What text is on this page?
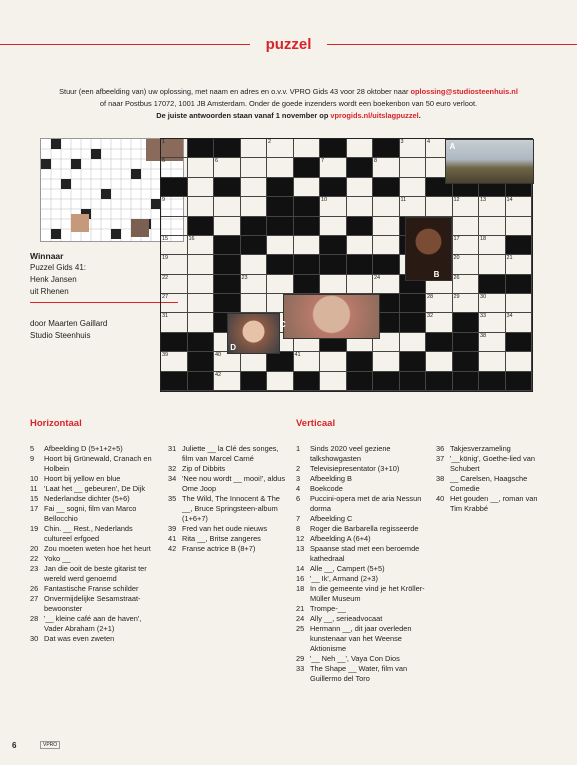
puzzel
Stuur (een afbeelding van) uw oplossing, met naam en adres en o.v.v. VPRO Gids 43 voor 28 oktober naar oplossing@studiosteenhuis.nl
of naar Postbus 17072, 1001 JB Amsterdam. Onder de goede inzenders wordt een boekenbon van 50 euro verloot.
De juiste antwoorden staan vanaf 1 november op vprogids.nl/uitslagpuzzel.
Winnaar
Puzzel Gids 41:
Henk Jansen
uit Rhenen
door Maarten Gaillard
Studio Steenhuis
1	2	3	4
5	6	7	8
9	10	11	12	13	14
15	16	17	18
19	20	21
22	23	24	26
27	28	29	30
31	32	33	34
38
39	40	41
42
A
B
C
D
Horizontaal	Verticaal
5	Afbeelding D (5+1+2+5)
9	Hoort bij Grünewald, Cranach en Holbein
10 Hoort bij yellow en blue
11 'Laat het __ gebeuren', De Dijk
15 Nederlandse dichter (5+6)
17 Fai __ sogni, film van Marco Bellocchio
19 Chin. __ Rest., Nederlands cultureel erfgoed
20 Zou moeten weten hoe het heurt
22 Yoko __
23 Jan die ooit de beste gitarist ter wereld werd genoemd
26 Fantastische Franse schilder
27 Onvermijdelijke Sesamstraat-bewoonster
28 '__ kleine café aan de haven', Vader Abraham (2+1)
30 Dat was even zweten
31 Juliette __ la Clé des songes, film van Marcel Carné
32 Zip of Dibbits
34 'Nee nou wordt __ mooi!', aldus Ome Joop
35 The Wild, The Innocent & The __, Bruce Springsteen-album (1+6+7)
39 Fred van het oude nieuws
41 Rita __, Britse zangeres
42 Franse actrice B (8+7)
1	Sinds 2020 veel geziene talkshowgasten
2	Televisiepresentator (3+10)
3	Afbeelding B
4	Boekcode
6	Puccini-opera met de aria Nessun dorma
7	Afbeelding C
8	Roger die Barbarella regisseerde
12 Afbeelding A (6+4)
13 Spaanse stad met een beroemde kathedraal
14 Alle __, Campert (5+5)
16 '__ Ik', Armand (2+3)
18 In die gemeente vind je het Kröller-Müller Museum
21 Trompe-__
24 Ally __, serieadvocaat
25 Hermann __, dit jaar overleden kunstenaar van het Weense Aktionisme
29 '__ Neh __', Vaya Con Dios
33 The Shape __ Water, film van Guillermo del Toro
36 Takjesverzameling
37 '__könig', Goethe-lied van Schubert
38 __ Carelsen, Haagsche Comedie
40 Het gouden __, roman van Tim Krabbé
6	VPRO
